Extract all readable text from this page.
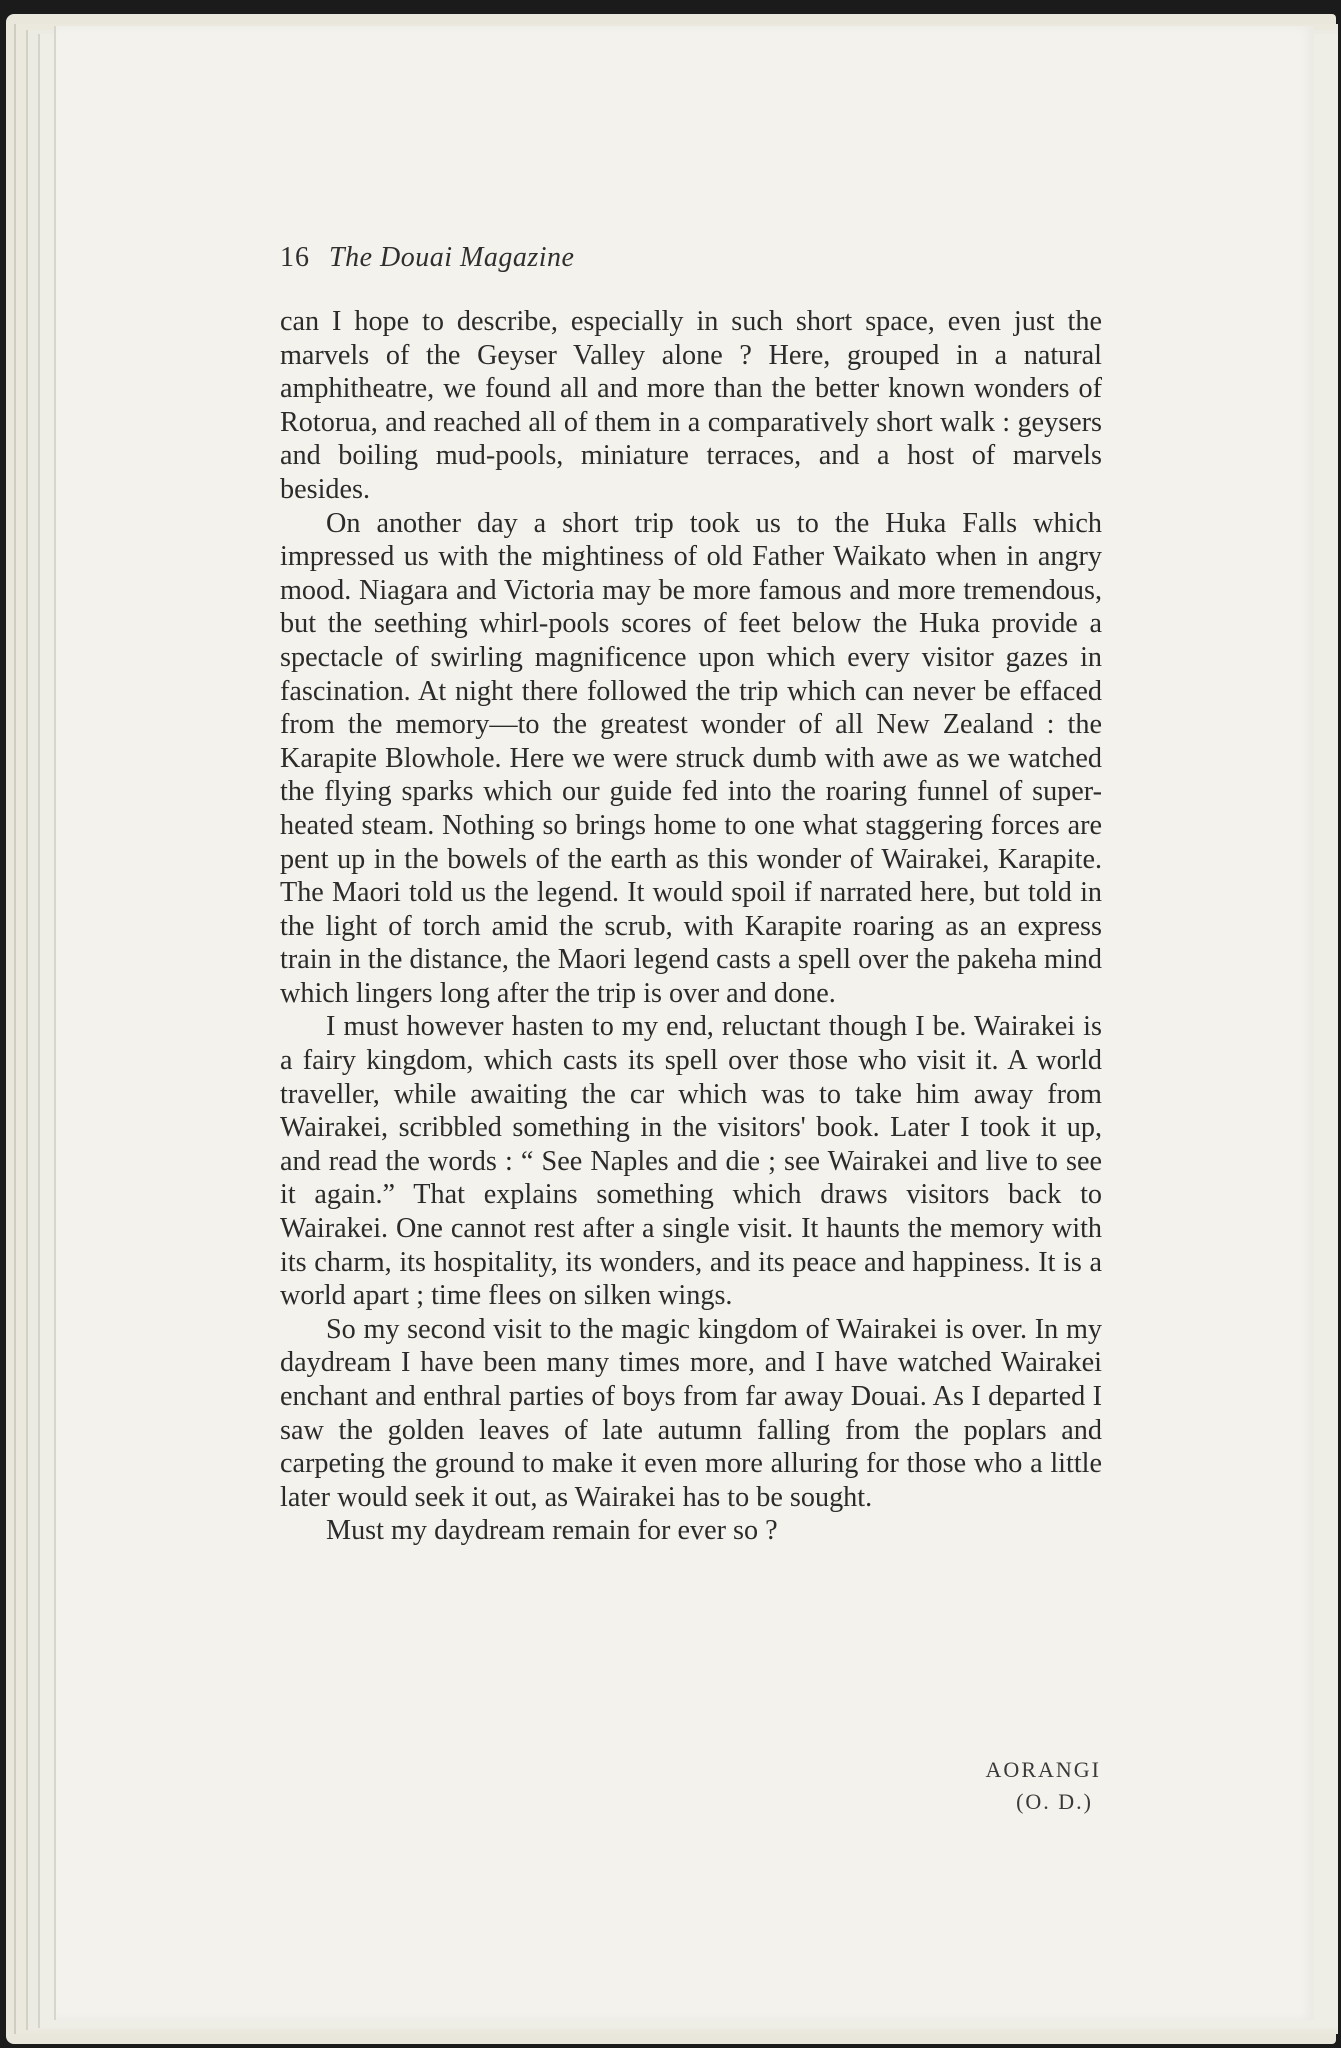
16 The Douai Magazine

can I hope to describe, especially in such short space, even just the marvels of the Geyser Valley alone ? Here, grouped in a natural amphitheatre, we found all and more than the better known wonders of Rotorua, and reached all of them in a comparatively short walk : geysers and boiling mud-pools, miniature terraces, and a host of marvels besides.

On another day a short trip took us to the Huka Falls which impressed us with the mightiness of old Father Waikato when in angry mood. Niagara and Victoria may be more famous and more tremendous, but the seething whirl-pools scores of feet below the Huka provide a spectacle of swirling magnificence upon which every visitor gazes in fascination. At night there followed the trip which can never be effaced from the memory—to the greatest wonder of all New Zealand : the Karapite Blowhole. Here we were struck dumb with awe as we watched the flying sparks which our guide fed into the roaring funnel of super-heated steam. Nothing so brings home to one what staggering forces are pent up in the bowels of the earth as this wonder of Wairakei, Karapite. The Maori told us the legend. It would spoil if narrated here, but told in the light of torch amid the scrub, with Karapite roaring as an express train in the distance, the Maori legend casts a spell over the pakeha mind which lingers long after the trip is over and done.

I must however hasten to my end, reluctant though I be. Wairakei is a fairy kingdom, which casts its spell over those who visit it. A world traveller, while awaiting the car which was to take him away from Wairakei, scribbled something in the visitors' book. Later I took it up, and read the words : “ See Naples and die ; see Wairakei and live to see it again.” That explains something which draws visitors back to Wairakei. One cannot rest after a single visit. It haunts the memory with its charm, its hospitality, its wonders, and its peace and happiness. It is a world apart ; time flees on silken wings.

So my second visit to the magic kingdom of Wairakei is over. In my daydream I have been many times more, and I have watched Wairakei enchant and enthral parties of boys from far away Douai. As I departed I saw the golden leaves of late autumn falling from the poplars and carpeting the ground to make it even more alluring for those who a little later would seek it out, as Wairakei has to be sought.

Must my daydream remain for ever so ?

AORANGI
(O. D.)
